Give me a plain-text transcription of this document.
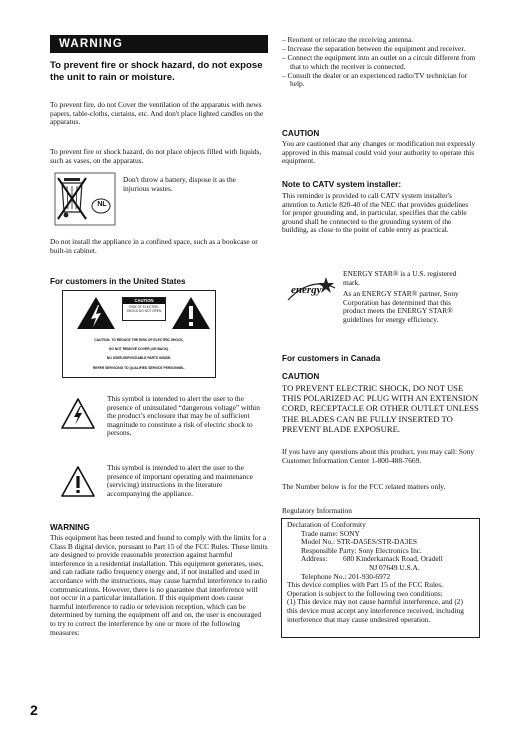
WARNING
To prevent fire or shock hazard, do not expose the unit to rain or moisture.
To prevent fire, do not Cover the ventilation of the apparatus with news papers, table-cloths, curtains, etc. And don't place lighted candles on the apparatus.
To prevent fire or shock hazard, do not place objects filled with liquids, such as vases, on the apparatus.
NL
Don't throw a battery, dispose it as the injurious wastes.
Do not install the appliance in a confined space, such as a bookcase or built-in cabinet.
For customers in the United States
CAUTION
RISK OF ELECTRIC SHOCK DO NOT OPEN
CAUTION: TO REDUCE THE RISK OF ELECTRIC SHOCK,
DO NOT REMOVE COVER (OR BACK).
NO USER-SERVICEABLE PARTS INSIDE.
REFER SERVICING TO QUALIFIED SERVICE PERSONNEL.
This symbol is intended to alert the user to the presence of uninsulated “dangerous voltage” within the product’s enclosure that may be of sufficient magnitude to constitute a risk of electric shock to persons.
This symbol is intended to alert the user to the presence of important operating and maintenance (servicing) instructions in the literature accompanying the appliance.
WARNING
This equipment has been tested and found to comply with the limits for a Class B digital device, pursuant to Part 15 of the FCC Rules. These limits are designed to provide reasonable protection against harmful interference in a residential installation. This equipment generates, uses, and can radiate radio frequency energy and, if not installed and used in accordance with the instructions, may cause harmful interference to radio communications. However, there is no guarantee that interference will not occur in a particular installation. If this equipment does cause harmful interference to radio or television reception, which can be determined by turning the equipment off and on, the user is encouraged to try to correct the interference by one or more of the following measures:
2
– Reorient or relocate the receiving antenna.
– Increase the separation between the equipment and receiver.
– Connect the equipment into an outlet on a circuit different from that to which the receiver is connected.
– Consult the dealer or an experienced radio/TV technician for help.
CAUTION
You are cautioned that any changes or modification not expressly approved in this manual could void your authority to operate this equipment.
Note to CATV system installer:
This reminder is provided to call CATV system installer's attention to Article 820-40 of the NEC that provides guidelines for proper grounding and, in particular, specifies that the cable ground shall be connected to the grounding system of the building, as close to the point of cable entry as practical.
energy
ENERGY STAR® is a U.S. registered mark.
As an ENERGY STAR® partner, Sony Corporation has determined that this product meets the ENERGY STAR® guidelines for energy efficiency.
For customers in Canada
CAUTION
TO PREVENT ELECTRIC SHOCK, DO NOT USE THIS POLARIZED AC PLUG WITH AN EXTENSION CORD, RECEPTACLE OR OTHER OUTLET UNLESS THE BLADES CAN BE FULLY INSERTED TO PREVENT BLADE EXPOSURE.
If you have any questions about this product, you may call: Sony Customer Information Center 1-800-488-7669.
The Number below is for the FCC related matters only.
Regulatory Information
Declaration of Conformity
Trade name: SONY
Model No.: STR-DA5ES/STR-DA3ES
Responsible Party: Sony Electronics Inc.
Address: 680 Kinderkamack Road, Oradell
NJ 07649 U.S.A.
Telephone No.: 201-930-6972
This device complies with Part 15 of the FCC Rules. Operation is subject to the following two conditions:
(1) This device may not cause harmful interference, and (2) this device must accept any interference received, including interference that may cause undesired operation.
